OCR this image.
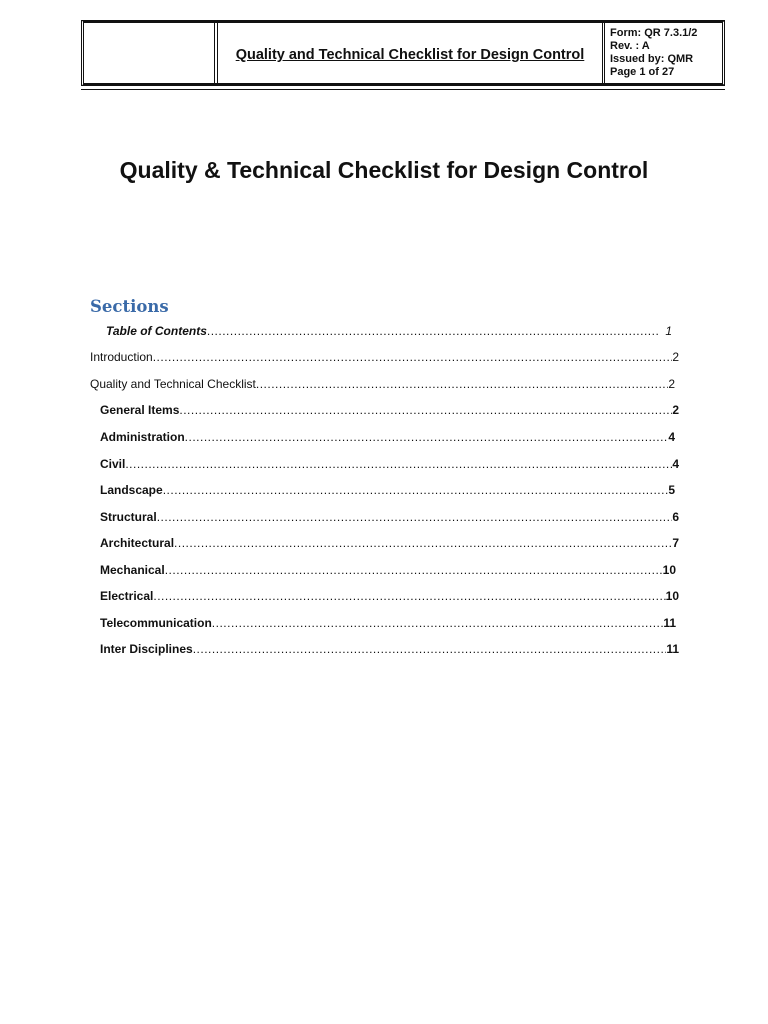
Quality and Technical Checklist for Design Control
Form: QR 7.3.1/2
Rev. : A
Issued by: QMR
Page 1 of 27
Quality & Technical Checklist for Design Control
Sections
Table of Contents .....	1
Introduction .....	2
Quality and Technical Checklist .....	2
General Items .....	2
Administration .....	4
Civil .....	4
Landscape .....	5
Structural .....	6
Architectural .....	7
Mechanical .....	10
Electrical .....	10
Telecommunication .....	11
Inter Disciplines .....	11
